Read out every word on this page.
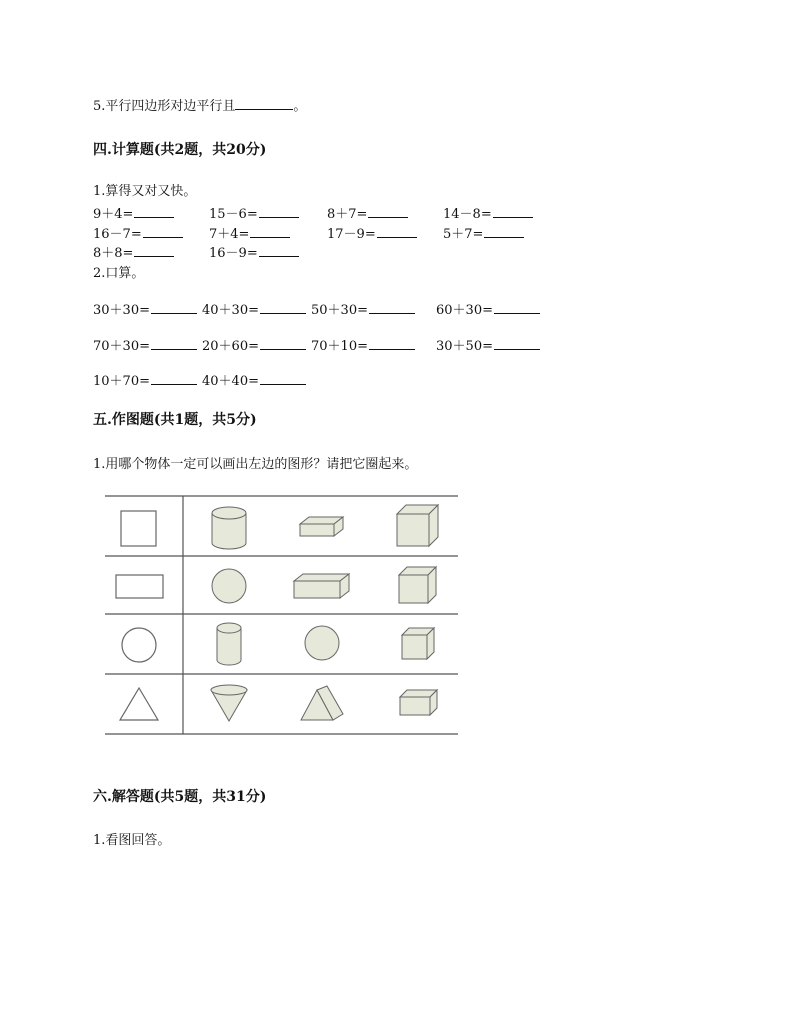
5.平行四边形对边平行且	。
四.计算题(共2题，共20分)
1.算得又对又快。
9＋4=	15－6=	8＋7=	14－8=
16－7=	7＋4=	17－9=	5＋7=
8＋8=	16－9=
2.口算。
30＋30=	40＋30=	50＋30=	60＋30=
70＋30=	20＋60=	70＋10=	30＋50=
10＋70=	40＋40=
五.作图题(共1题，共5分)
1.用哪个物体一定可以画出左边的图形？请把它圈起来。
六.解答题(共5题，共31分)
1.看图回答。
